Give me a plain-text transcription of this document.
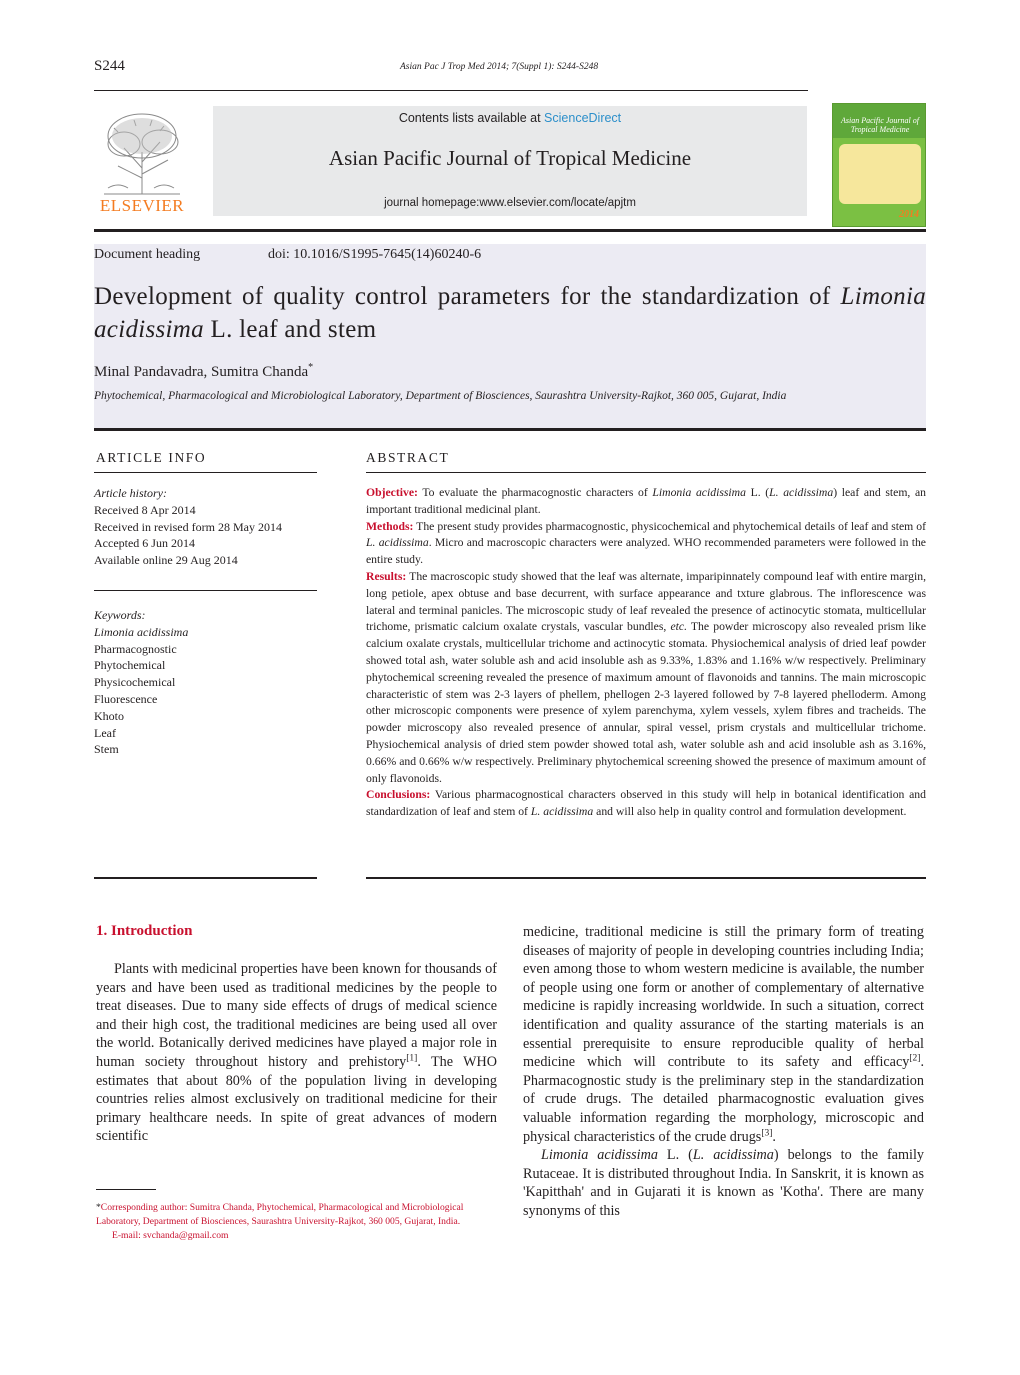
S244	Asian Pac J Trop Med 2014; 7(Suppl 1): S244-S248
ELSEVIER
Contents lists available at ScienceDirect
Asian Pacific Journal of Tropical Medicine
journal homepage:www.elsevier.com/locate/apjtm
Asian Pacific Journal of Tropical Medicine
2014
Document heading	doi: 10.1016/S1995-7645(14)60240-6
Development of quality control parameters for the standardization of Limonia acidissima L. leaf and stem
Minal Pandavadra, Sumitra Chanda*
Phytochemical, Pharmacological and Microbiological Laboratory, Department of Biosciences, Saurashtra University-Rajkot, 360 005, Gujarat, India
ARTICLE INFO
Article history:
Received 8 Apr 2014
Received in revised form 28 May 2014
Accepted 6 Jun 2014
Available online 29 Aug 2014
Keywords:
Limonia acidissima
Pharmacognostic
Phytochemical
Physicochemical
Fluorescence
Khoto
Leaf
Stem
ABSTRACT

Objective: To evaluate the pharmacognostic characters of Limonia acidissima L. (L. acidissima) leaf and stem, an important traditional medicinal plant.

Methods: The present study provides pharmacognostic, physicochemical and phytochemical details of leaf and stem of L. acidissima. Micro and macroscopic characters were analyzed. WHO recommended parameters were followed in the entire study.

Results: The macroscopic study showed that the leaf was alternate, imparipinnately compound leaf with entire margin, long petiole, apex obtuse and base decurrent, with surface appearance and txture glabrous. The inflorescence was lateral and terminal panicles. The microscopic study of leaf revealed the presence of actinocytic stomata, multicellular trichome, prismatic calcium oxalate crystals, vascular bundles, etc. The powder microscopy also revealed prism like calcium oxalate crystals, multicellular trichome and actinocytic stomata. Physiochemical analysis of dried leaf powder showed total ash, water soluble ash and acid insoluble ash as 9.33%, 1.83% and 1.16% w/w respectively. Preliminary phytochemical screening revealed the presence of maximum amount of flavonoids and tannins. The main microscopic characteristic of stem was 2-3 layers of phellem, phellogen 2-3 layered followed by 7-8 layered phelloderm. Among other microscopic components were presence of xylem parenchyma, xylem vessels, xylem fibres and tracheids. The powder microscopy also revealed presence of annular, spiral vessel, prism crystals and multicellular trichome. Physiochemical analysis of dried stem powder showed total ash, water soluble ash and acid insoluble ash as 3.16%, 0.66% and 0.66% w/w respectively. Preliminary phytochemical screening showed the presence of maximum amount of only flavonoids.

Conclusions: Various pharmacognostical characters observed in this study will help in botanical identification and standardization of leaf and stem of L. acidissima and will also help in quality control and formulation development.

1. Introduction

Plants with medicinal properties have been known for thousands of years and have been used as traditional medicines by the people to treat diseases. Due to many side effects of drugs of medical science and their high cost, the traditional medicines are being used all over the world. Botanically derived medicines have played a major role in human society throughout history and prehistory[1]. The WHO estimates that about 80% of the population living in developing countries relies almost exclusively on traditional medicine for their primary healthcare needs. In spite of great advances of modern scientific

medicine, traditional medicine is still the primary form of treating diseases of majority of people in developing countries including India; even among those to whom western medicine is available, the number of people using one form or another of complementary of alternative medicine is rapidly increasing worldwide. In such a situation, correct identification and quality assurance of the starting materials is an essential prerequisite to ensure reproducible quality of herbal medicine which will contribute to its safety and efficacy[2]. Pharmacognostic study is the preliminary step in the standardization of crude drugs. The detailed pharmacognostic evaluation gives valuable information regarding the morphology, microscopic and physical characteristics of the crude drugs[3].

Limonia acidissima L. (L. acidissima) belongs to the family Rutaceae. It is distributed throughout India. In Sanskrit, it is known as 'Kapitthah' and in Gujarati it is known as 'Kotha'. There are many synonyms of this

*Corresponding author: Sumitra Chanda, Phytochemical, Pharmacological and Microbiological Laboratory, Department of Biosciences, Saurashtra University-Rajkot, 360 005, Gujarat, India.
E-mail: svchanda@gmail.com
